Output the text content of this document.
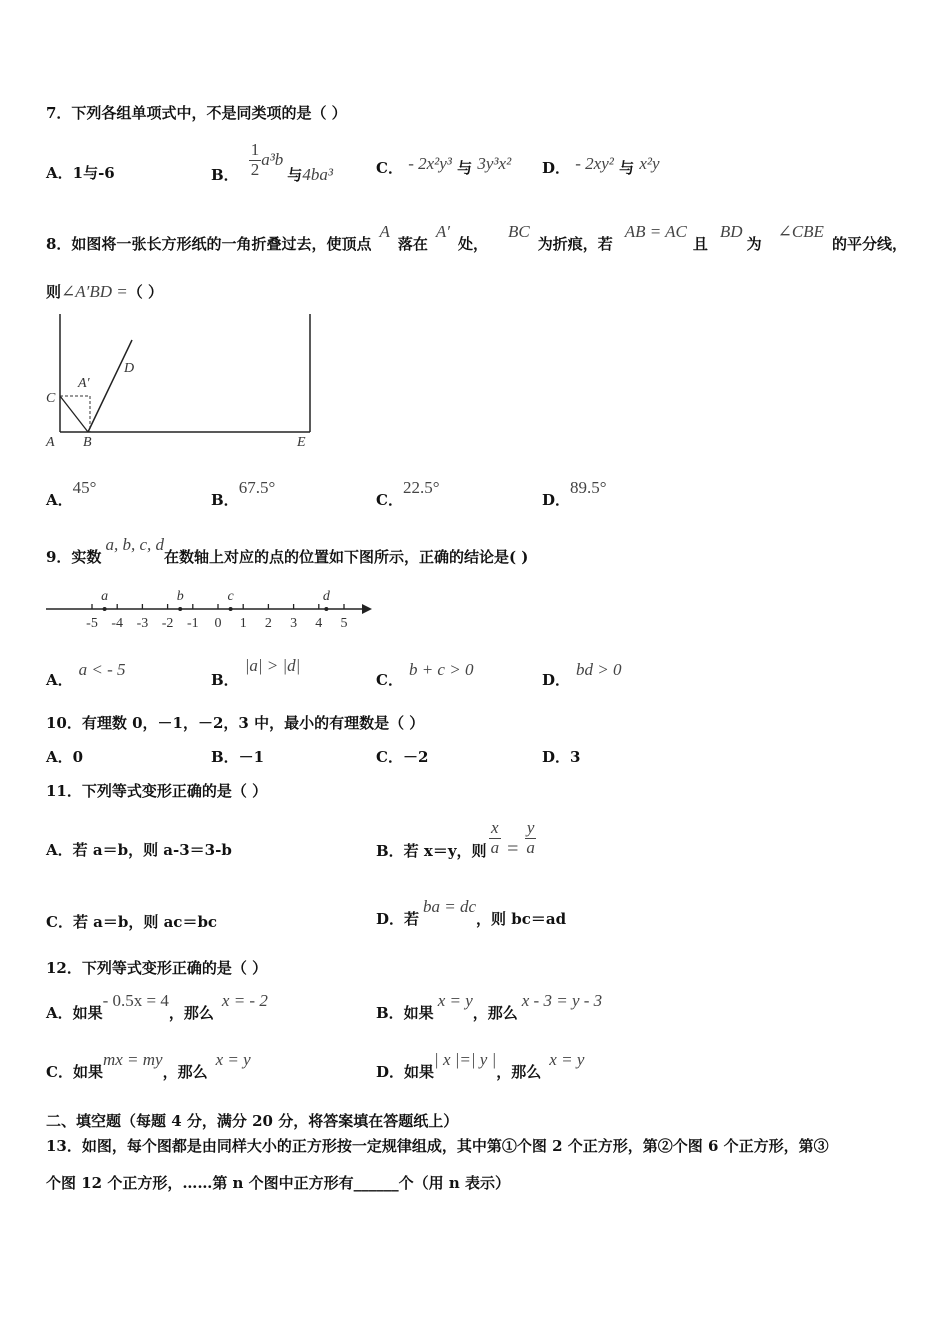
7．下列各组单项式中，不是同类项的是（ ）
A．1与-6	B． $\frac{1}{2} a^3b$
与 4ba³	C． - 2x²y³ 与 3y³x² D． - 2xy² 与 x²y
8．如图将一张长方形纸的一角折叠过去，使顶点
A
落在
A′
处，
BC
为折痕，若
AB = AC
且
BD
为
∠CBE
的平分线，
则∠A′BD =（ ）
C
A′
D
A B	E
A．
45°
B．
67.5°
C．
22.5°
D．
89.5°
9．实数
a, b, c, d
在数轴上对应的点的位置如下图所示，正确的结论是( )
-5 -4 -3 -2 -1 0 1 2 3 4 5
a	b	c	d
A．
a < - 5
B．
|a| > |d|
C．
b + c > 0
D．
bd > 0
10．有理数 0，－1，－2，3 中，最小的有理数是（ ）
A．0	B．－1	C．－2	D．3
11．下列等式变形正确的是（ ）
A．若 a＝b，则 a-3＝3-b	B．若 x＝y，则 $\frac{x}{a} = \frac{y}{a}$
C．若 a＝b，则 ac＝bc	D．若
ba = dc
，则 bc＝ad
12．下列等式变形正确的是（ ）
A．如果
- 0.5x = 4
，那么
x = - 2
B．如果
x = y
，那么
x - 3 = y - 3
C．如果
mx = my
，那么
x = y
D．如果
| x |=| y |
，那么
x = y
二、填空题（每题 4 分，满分 20 分，将答案填在答题纸上）
13．如图，每个图都是由同样大小的正方形按一定规律组成，其中第①个图 2 个正方形，第②个图 6 个正方形，第③
个图 12 个正方形，……第 n 个图中正方形有______个（用 n 表示）
